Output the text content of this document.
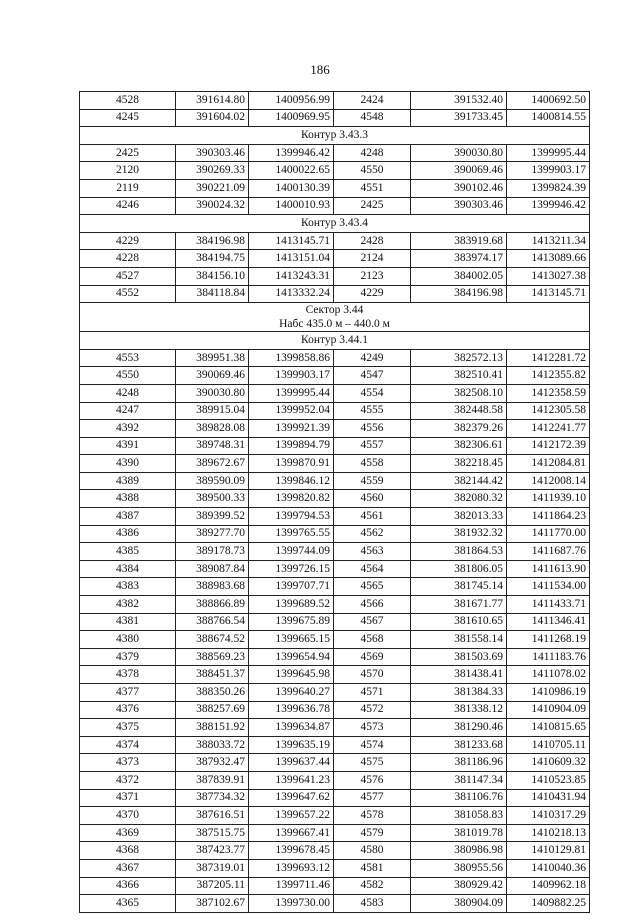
186
4528	391614.80	1400956.99	2424	391532.40	1400692.50
4245	391604.02	1400969.95	4548	391733.45	1400814.55
Контур 3.43.3					
2425	390303.46	1399946.42	4248	390030.80	1399995.44
2120	390269.33	1400022.65	4550	390069.46	1399903.17
2119	390221.09	1400130.39	4551	390102.46	1399824.39
4246	390024.32	1400010.93	2425	390303.46	1399946.42
Контур 3.43.4					
4229	384196.98	1413145.71	2428	383919.68	1413211.34
4228	384194.75	1413151.04	2124	383974.17	1413089.66
4527	384156.10	1413243.31	2123	384002.05	1413027.38
4552	384118.84	1413332.24	4229	384196.98	1413145.71
Сектор 3.44					
Набс 435.0 м – 440.0 м					
Контур 3.44.1					
4553	389951.38	1399858.86	4249	382572.13	1412281.72
4550	390069.46	1399903.17	4547	382510.41	1412355.82
4248	390030.80	1399995.44	4554	382508.10	1412358.59
4247	389915.04	1399952.04	4555	382448.58	1412305.58
4392	389828.08	1399921.39	4556	382379.26	1412241.77
4391	389748.31	1399894.79	4557	382306.61	1412172.39
4390	389672.67	1399870.91	4558	382218.45	1412084.81
4389	389590.09	1399846.12	4559	382144.42	1412008.14
4388	389500.33	1399820.82	4560	382080.32	1411939.10
4387	389399.52	1399794.53	4561	382013.33	1411864.23
4386	389277.70	1399765.55	4562	381932.32	1411770.00
4385	389178.73	1399744.09	4563	381864.53	1411687.76
4384	389087.84	1399726.15	4564	381806.05	1411613.90
4383	388983.68	1399707.71	4565	381745.14	1411534.00
4382	388866.89	1399689.52	4566	381671.77	1411433.71
4381	388766.54	1399675.89	4567	381610.65	1411346.41
4380	388674.52	1399665.15	4568	381558.14	1411268.19
4379	388569.23	1399654.94	4569	381503.69	1411183.76
4378	388451.37	1399645.98	4570	381438.41	1411078.02
4377	388350.26	1399640.27	4571	381384.33	1410986.19
4376	388257.69	1399636.78	4572	381338.12	1410904.09
4375	388151.92	1399634.87	4573	381290.46	1410815.65
4374	388033.72	1399635.19	4574	381233.68	1410705.11
4373	387932.47	1399637.44	4575	381186.96	1410609.32
4372	387839.91	1399641.23	4576	381147.34	1410523.85
4371	387734.32	1399647.62	4577	381106.76	1410431.94
4370	387616.51	1399657.22	4578	381058.83	1410317.29
4369	387515.75	1399667.41	4579	381019.78	1410218.13
4368	387423.77	1399678.45	4580	380986.98	1410129.81
4367	387319.01	1399693.12	4581	380955.56	1410040.36
4366	387205.11	1399711.46	4582	380929.42	1409962.18
4365	387102.67	1399730.00	4583	380904.09	1409882.25
